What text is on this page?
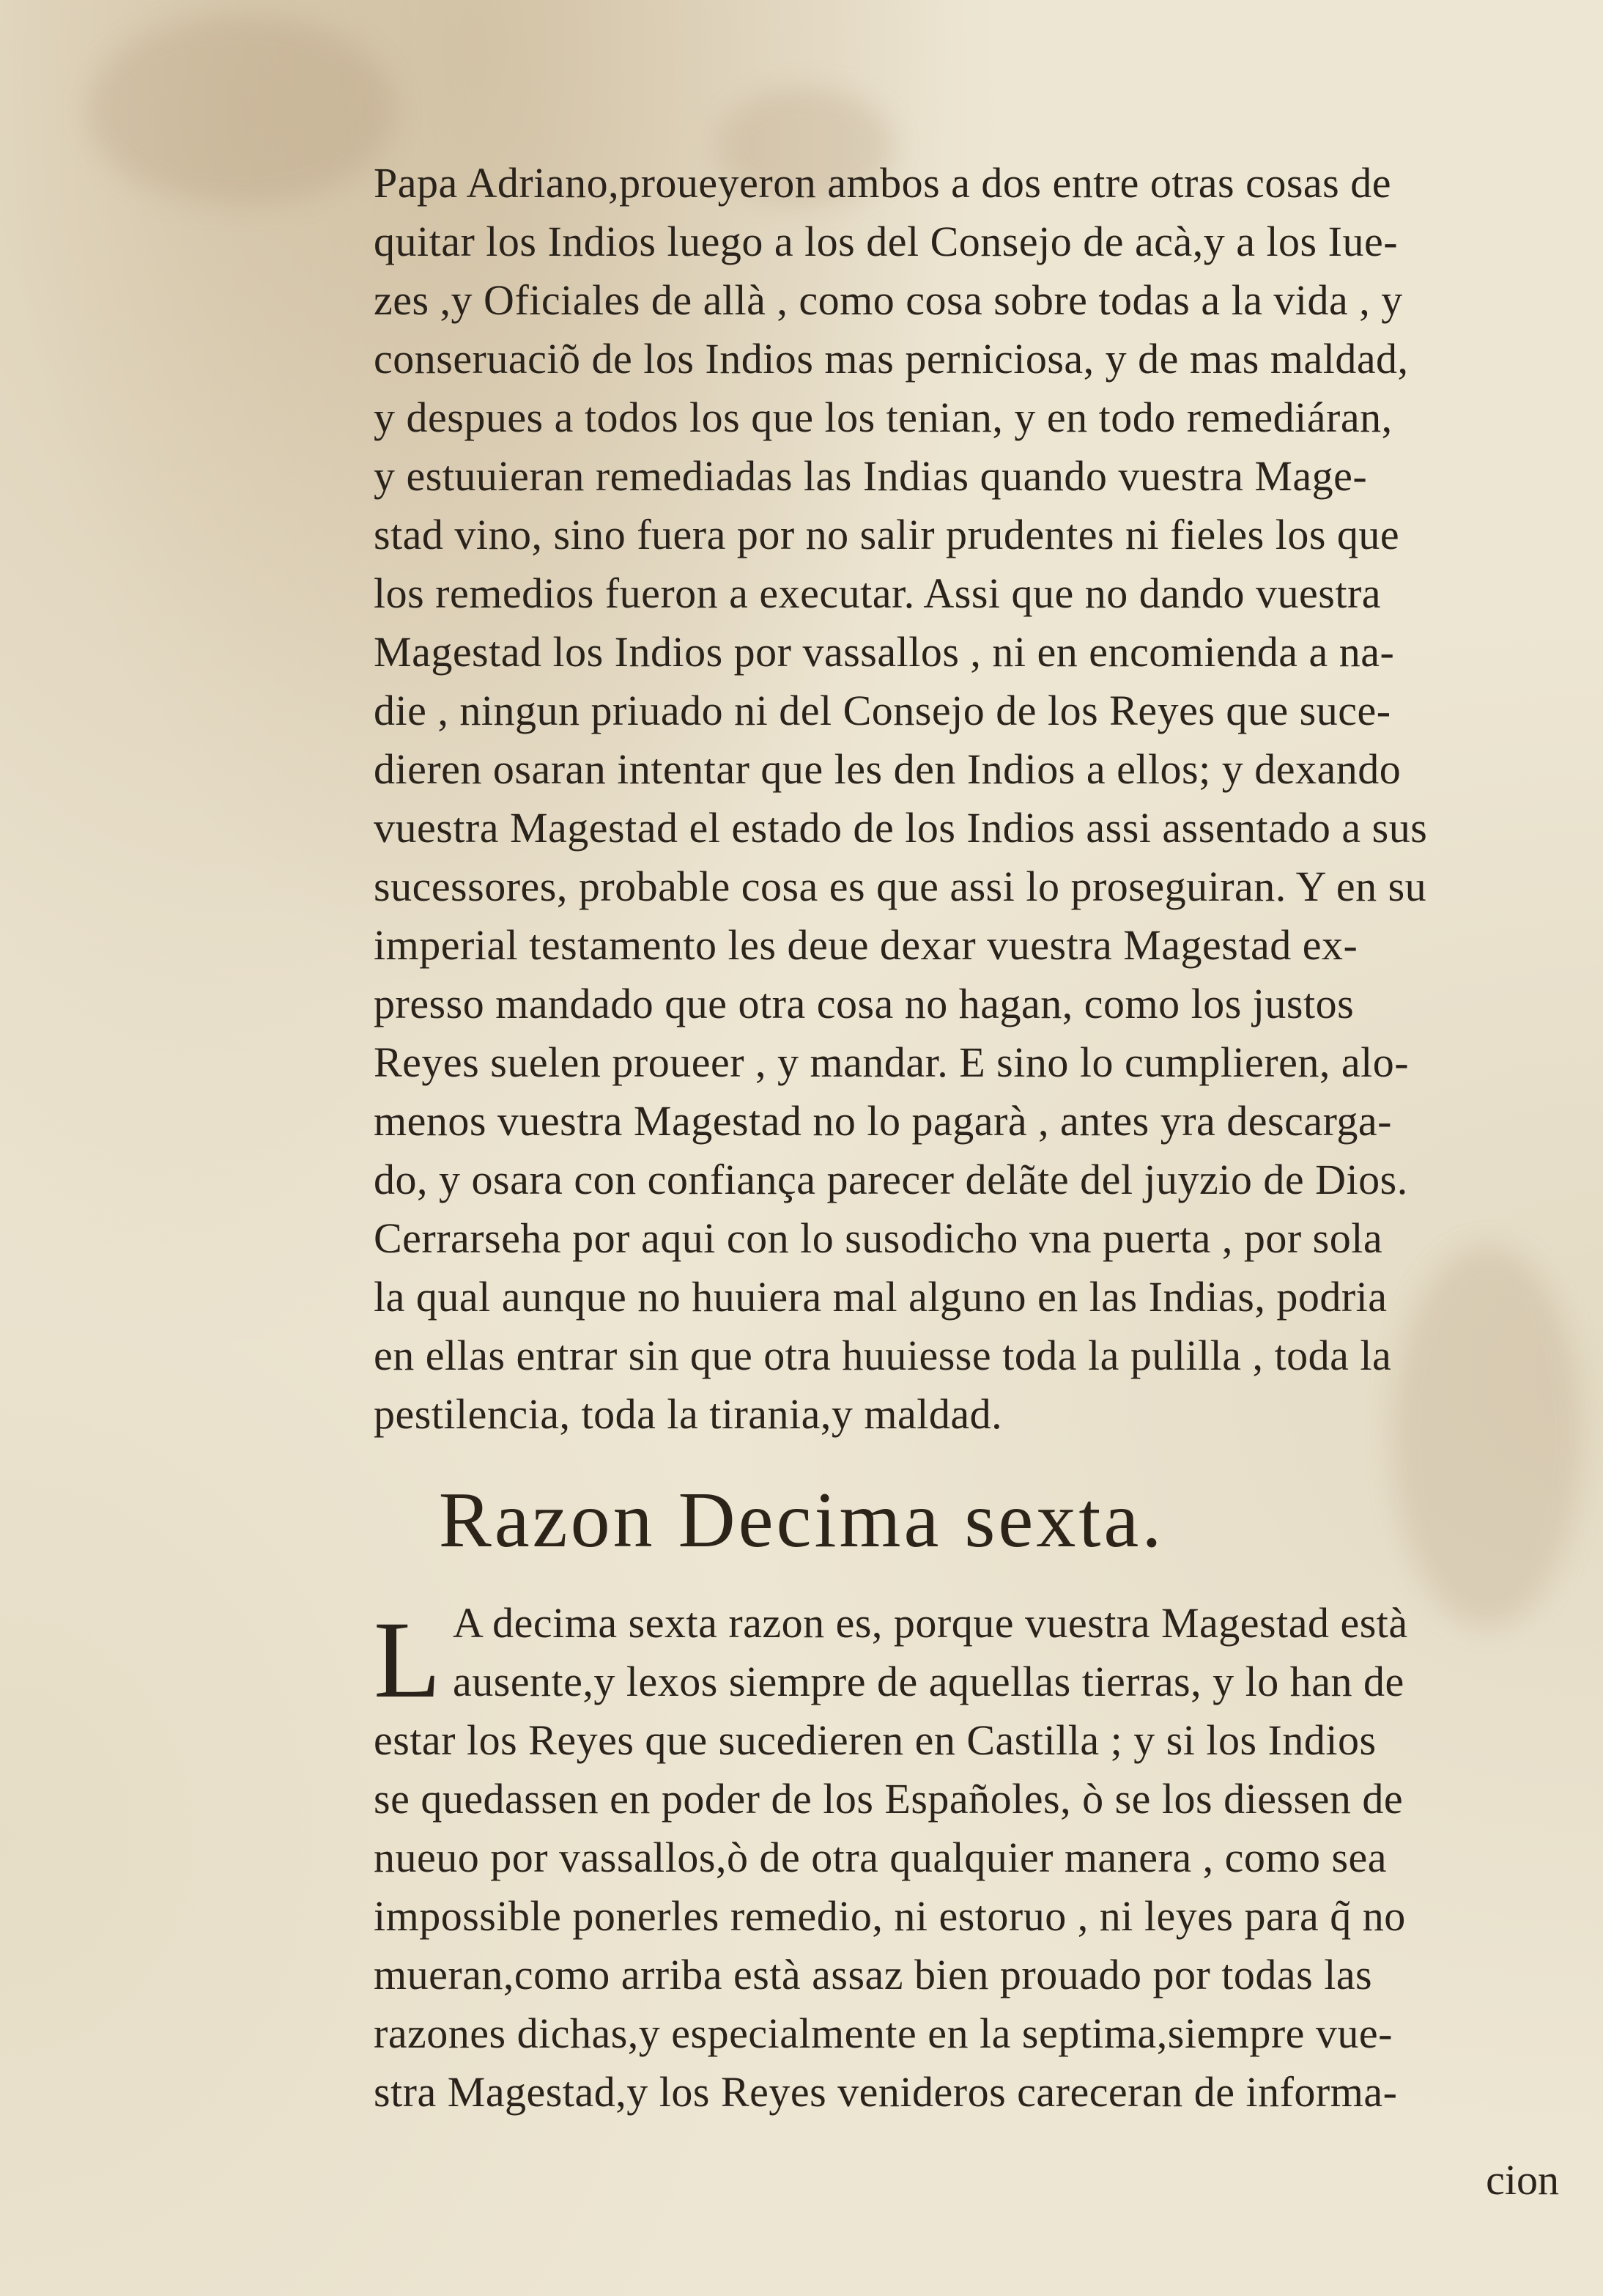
Papa Adriano,proueyeron ambos a dos entre otras cosas de
quitar los Indios luego a los del Consejo de acà,y a los Iue-
zes ,y Oficiales de allà , como cosa sobre todas a la vida , y
conseruaciõ de los Indios mas perniciosa, y de mas maldad,
y despues a todos los que los tenian, y en todo remediáran,
y estuuieran remediadas las Indias quando vuestra Mage-
stad vino, sino fuera por no salir prudentes ni fieles los que
los remedios fueron a executar. Assi que no dando vuestra
Magestad los Indios por vassallos , ni en encomienda a na-
die , ningun priuado ni del Consejo de los Reyes que suce-
dieren osaran intentar que les den Indios a ellos; y dexando
vuestra Magestad el estado de los Indios assi assentado a sus
sucessores, probable cosa es que assi lo proseguiran. Y en su
imperial testamento les deue dexar vuestra Magestad ex-
presso mandado que otra cosa no hagan, como los justos
Reyes suelen proueer , y mandar. E sino lo cumplieren, alo-
menos vuestra Magestad no lo pagarà , antes yra descarga-
do, y osara con confiança parecer delãte del juyzio de Dios.
Cerrarseha por aqui con lo susodicho vna puerta , por sola
la qual aunque no huuiera mal alguno en las Indias, podria
en ellas entrar sin que otra huuiesse toda la pulilla , toda la
pestilencia, toda la tirania,y maldad.
Razon Decima sexta.
L A decima sexta razon es, porque vuestra Magestad està
ausente,y lexos siempre de aquellas tierras, y lo han de
estar los Reyes que sucedieren en Castilla ; y si los Indios
se quedassen en poder de los Españoles, ò se los diessen de
nueuo por vassallos,ò de otra qualquier manera , como sea
impossible ponerles remedio, ni estoruo , ni leyes para q̃ no
mueran,como arriba està assaz bien prouado por todas las
razones dichas,y especialmente en la septima,siempre vue-
stra Magestad,y los Reyes venideros careceran de informa-
cion
